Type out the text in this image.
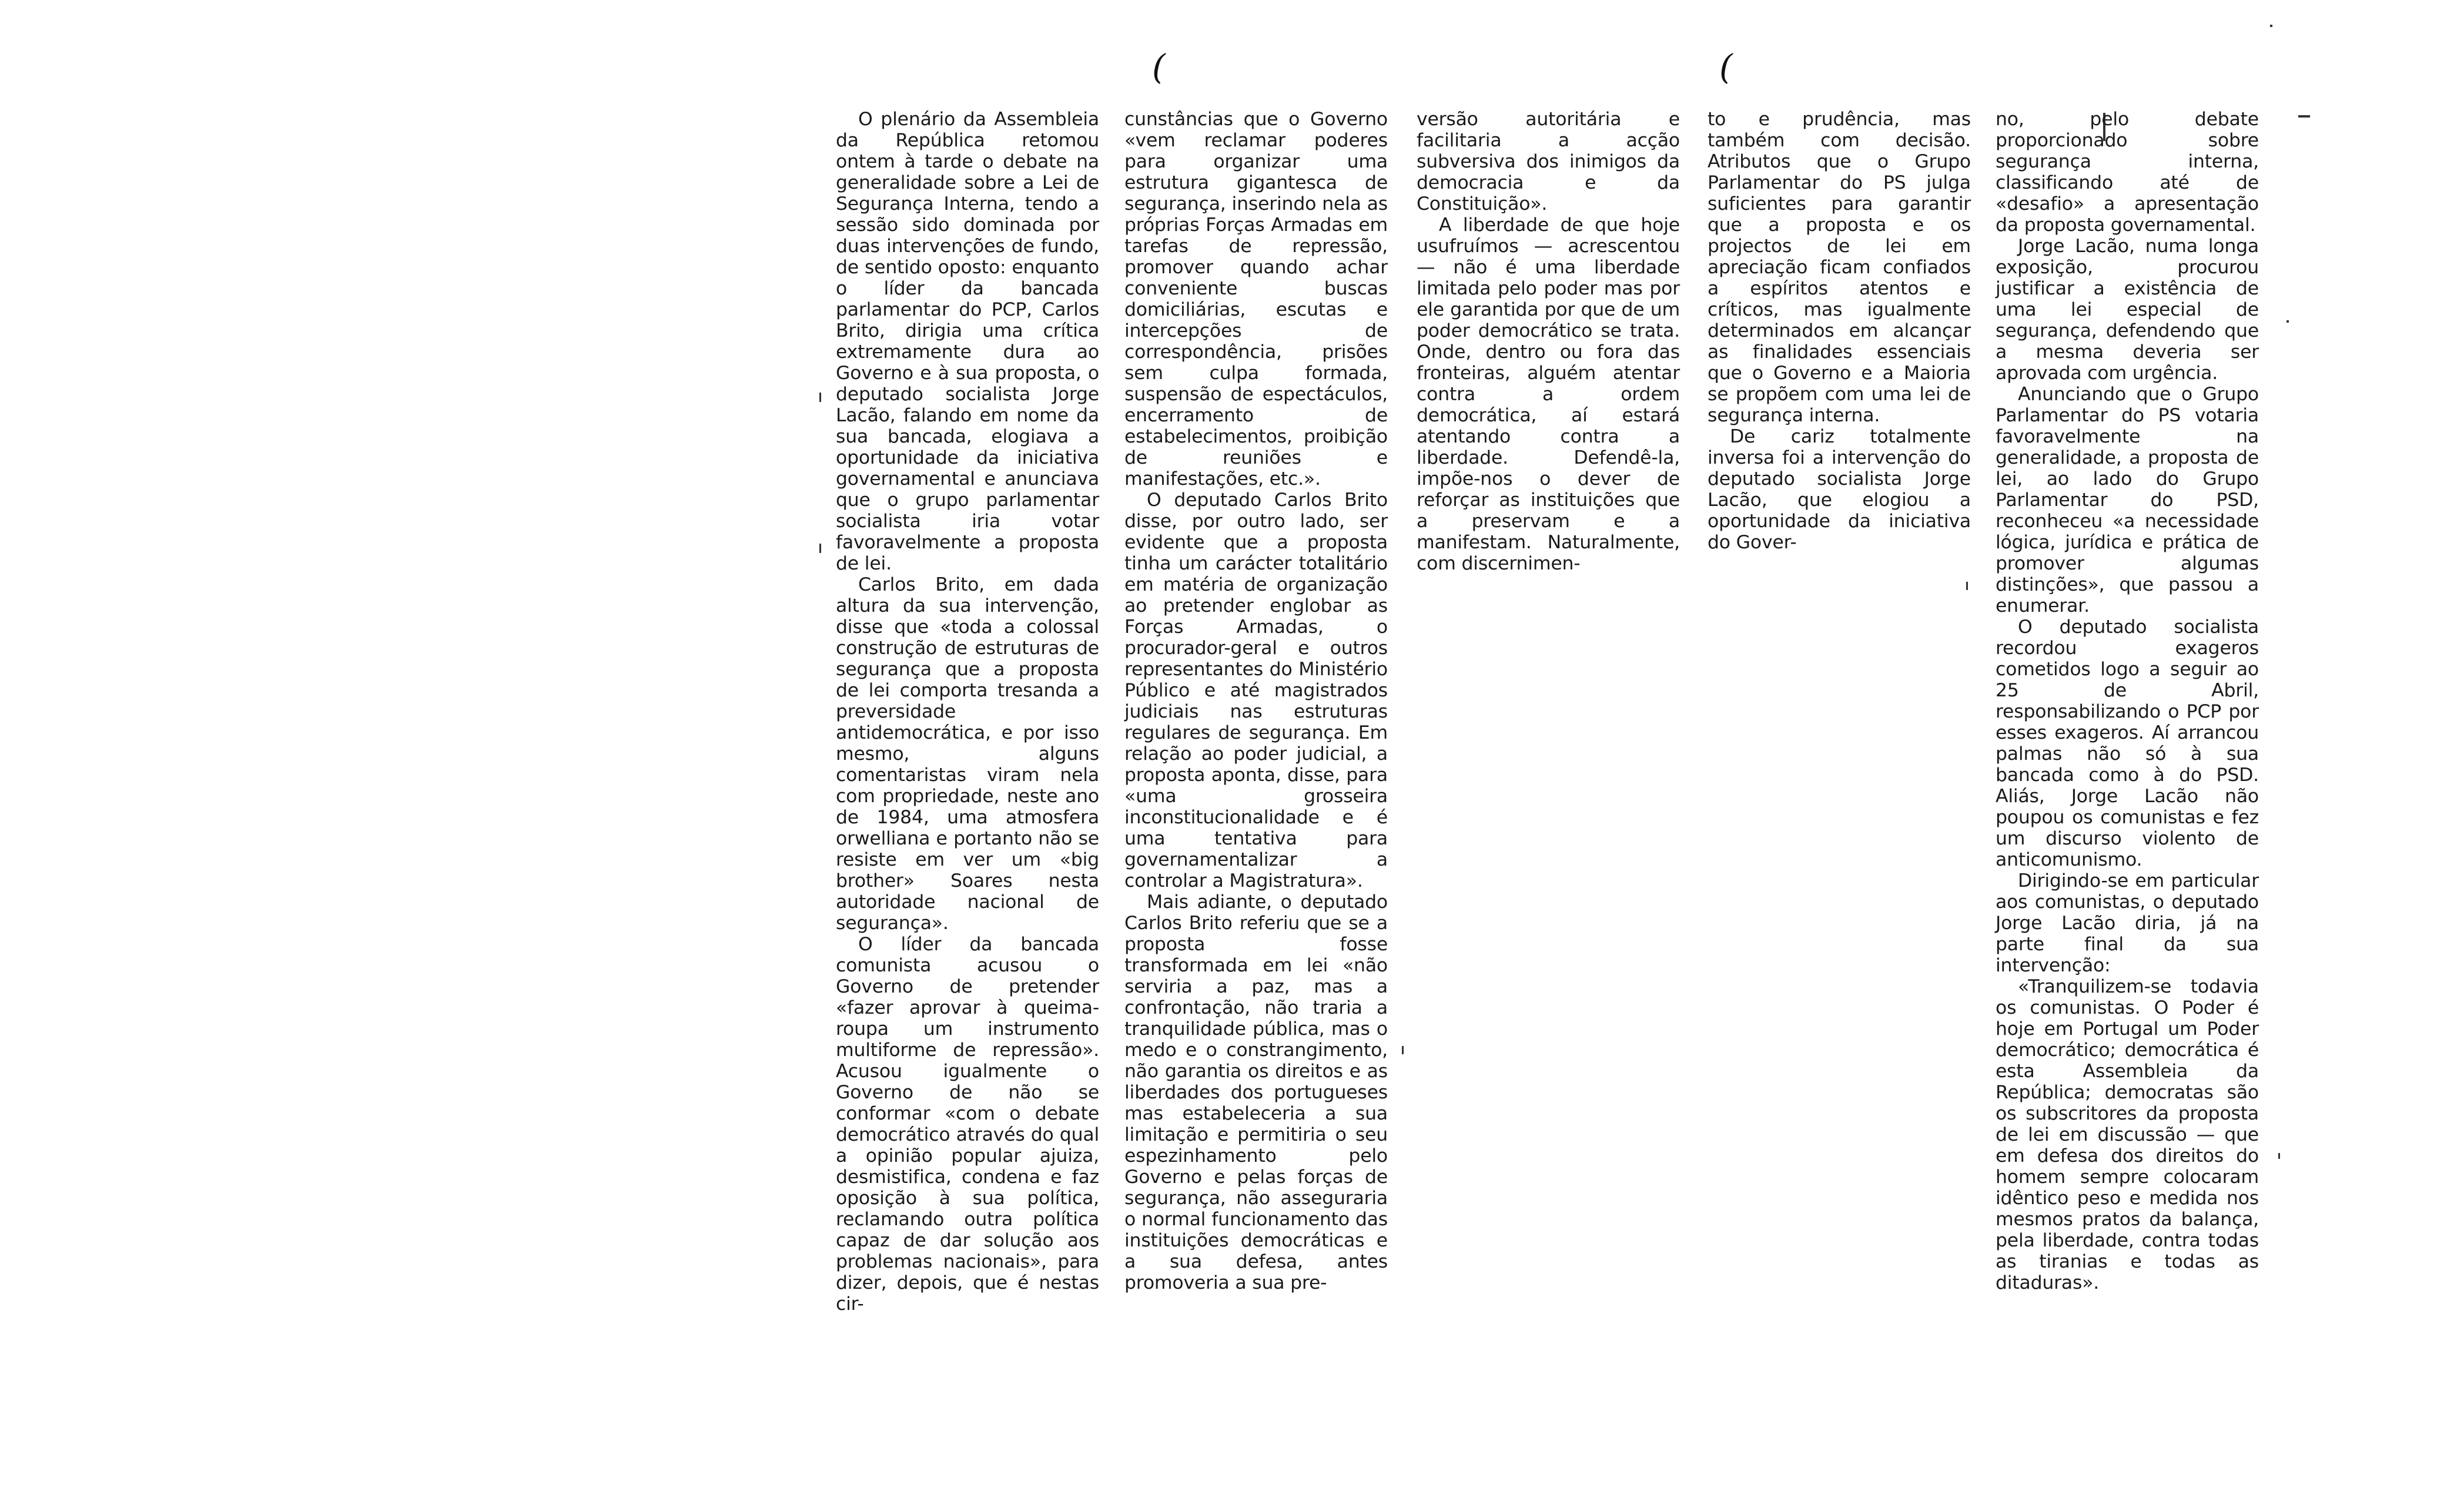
(	(

O plenário da Assembleia da República retomou ontem à tarde o debate na generalidade sobre a Lei de Segurança Interna, tendo a sessão sido dominada por duas intervenções de fundo, de sentido oposto: enquanto o líder da bancada parlamentar do PCP, Carlos Brito, dirigia uma crítica extremamente dura ao Governo e à sua proposta, o deputado socialista Jorge Lacão, falando em nome da sua bancada, elogiava a oportunidade da iniciativa governamental e anunciava que o grupo parlamentar socialista iria votar favoravelmente a proposta de lei.

Carlos Brito, em dada altura da sua intervenção, disse que «toda a colossal construção de estruturas de segurança que a proposta de lei comporta tresanda a preversidade antidemocrática, e por isso mesmo, alguns comentaristas viram nela com propriedade, neste ano de 1984, uma atmosfera orwelliana e portanto não se resiste em ver um «big brother» Soares nesta autoridade nacional de segurança».

O líder da bancada comunista acusou o Governo de pretender «fazer aprovar à queima-roupa um instrumento multiforme de repressão». Acusou igualmente o Governo de não se conformar «com o debate democrático através do qual a opinião popular ajuiza, desmistifica, condena e faz oposição à sua política, reclamando outra política capaz de dar solução aos problemas nacionais», para dizer, depois, que é nestas cir-

cunstâncias que o Governo «vem reclamar poderes para organizar uma estrutura gigantesca de segurança, inserindo nela as próprias Forças Armadas em tarefas de repressão, promover quando achar conveniente buscas domiciliárias, escutas e intercepções de correspondência, prisões sem culpa formada, suspensão de espectáculos, encerramento de estabelecimentos, proibição de reuniões e manifestações, etc.».

O deputado Carlos Brito disse, por outro lado, ser evidente que a proposta tinha um carácter totalitário em matéria de organização ao pretender englobar as Forças Armadas, o procurador-geral e outros representantes do Ministério Público e até magistrados judiciais nas estruturas regulares de segurança. Em relação ao poder judicial, a proposta aponta, disse, para «uma grosseira inconstitucionalidade e é uma tentativa para governamentalizar a controlar a Magistratura».

Mais adiante, o deputado Carlos Brito referiu que se a proposta fosse transformada em lei «não serviria a paz, mas a confrontação, não traria a tranquilidade pública, mas o medo e o constrangimento, não garantia os direitos e as liberdades dos portugueses mas estabeleceria a sua limitação e permitiria o seu espezinhamento pelo Governo e pelas forças de segurança, não asseguraria o normal funcionamento das instituições democráticas e a sua defesa, antes promoveria a sua pre-

versão autoritária e facilitaria a acção subversiva dos inimigos da democracia e da Constituição».

A liberdade de que hoje usufruímos — acrescentou — não é uma liberdade limitada pelo poder mas por ele garantida por que de um poder democrático se trata. Onde, dentro ou fora das fronteiras, alguém atentar contra a ordem democrática, aí estará atentando contra a liberdade. Defendê-la, impõe-nos o dever de reforçar as instituições que a preservam e a manifestam. Naturalmente, com discernimen-

to e prudência, mas também com decisão. Atributos que o Grupo Parlamentar do PS julga suficientes para garantir que a proposta e os projectos de lei em apreciação ficam confiados a espíritos atentos e críticos, mas igualmente determinados em alcançar as finalidades essenciais que o Governo e a Maioria se propõem com uma lei de segurança interna.

De cariz totalmente inversa foi a intervenção do deputado socialista Jorge Lacão, que elogiou a oportunidade da iniciativa do Gover-

no, pelo debate proporcionado sobre segurança interna, classificando até de «desafio» a apresentação da proposta governamental.

Jorge Lacão, numa longa exposição, procurou justificar a existência de uma lei especial de segurança, defendendo que a mesma deveria ser aprovada com urgência.

Anunciando que o Grupo Parlamentar do PS votaria favoravelmente na generalidade, a proposta de lei, ao lado do Grupo Parlamentar do PSD, reconheceu «a necessidade lógica, jurídica e prática de promover algumas distinções», que passou a enumerar.

O deputado socialista recordou exageros cometidos logo a seguir ao 25 de Abril, responsabilizando o PCP por esses exageros. Aí arrancou palmas não só à sua bancada como à do PSD. Aliás, Jorge Lacão não poupou os comunistas e fez um discurso violento de anticomunismo.

Dirigindo-se em particular aos comunistas, o deputado Jorge Lacão diria, já na parte final da sua intervenção:

«Tranquilizem-se todavia os comunistas. O Poder é hoje em Portugal um Poder democrático; democrática é esta Assembleia da República; democratas são os subscritores da proposta de lei em discussão — que em defesa dos direitos do homem sempre colocaram idêntico peso e medida nos mesmos pratos da balança, pela liberdade, contra todas as tiranias e todas as ditaduras».
